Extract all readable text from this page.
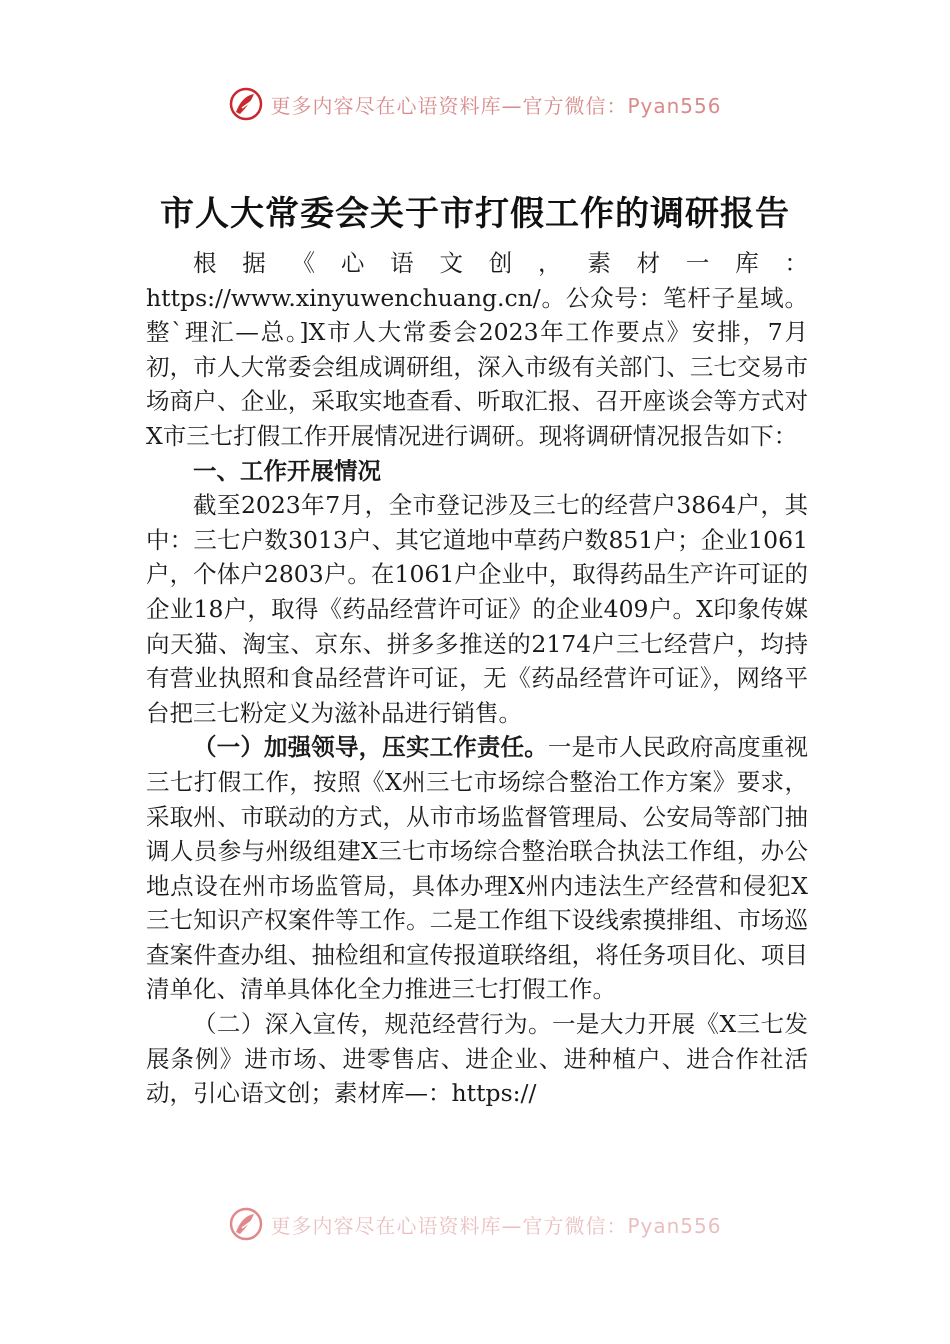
更多内容尽在心语资料库—官方微信：Pyan556
市人大常委会关于市打假工作的调研报告

根据《心语文创，素材一库：https://www.xinyuwenchuang.cn/。公众号：笔杆子星域。整`理汇—总。]X市人大常委会2023年工作要点》安排，7月初，市人大常委会组成调研组，深入市级有关部门、三七交易市场商户、企业，采取实地查看、听取汇报、召开座谈会等方式对X市三七打假工作开展情况进行调研。现将调研情况报告如下：

一、工作开展情况

截至2023年7月，全市登记涉及三七的经营户3864户，其中：三七户数3013户、其它道地中草药户数851户；企业1061户，个体户2803户。在1061户企业中，取得药品生产许可证的企业18户，取得《药品经营许可证》的企业409户。X印象传媒向天猫、淘宝、京东、拼多多推送的2174户三七经营户，均持有营业执照和食品经营许可证，无《药品经营许可证》，网络平台把三七粉定义为滋补品进行销售。

（一）加强领导，压实工作责任。一是市人民政府高度重视三七打假工作，按照《X州三七市场综合整治工作方案》要求，采取州、市联动的方式，从市市场监督管理局、公安局等部门抽调人员参与州级组建X三七市场综合整治联合执法工作组，办公地点设在州市场监管局，具体办理X州内违法生产经营和侵犯X三七知识产权案件等工作。二是工作组下设线索摸排组、市场巡查案件查办组、抽检组和宣传报道联络组，将任务项目化、项目清单化、清单具体化全力推进三七打假工作。

（二）深入宣传，规范经营行为。一是大力开展《X三七发展条例》进市场、进零售店、进企业、进种植户、进合作社活动，引心语文创；素材库—：https://

更多内容尽在心语资料库—官方微信：Pyan556
